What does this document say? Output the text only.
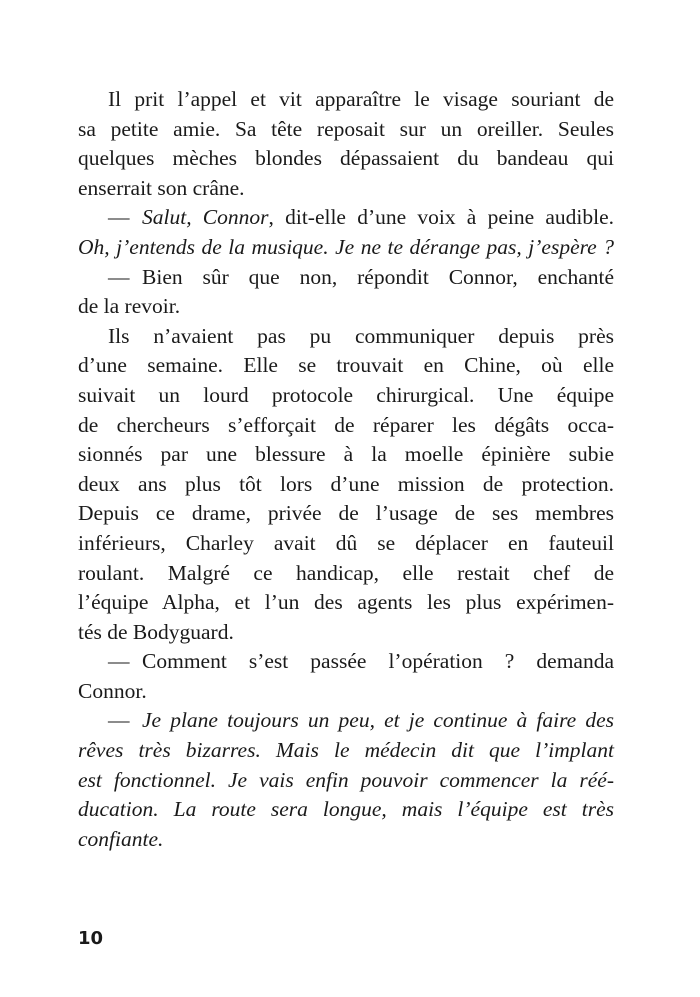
Il prit l’appel et vit apparaître le visage souriant de
sa petite amie. Sa tête reposait sur un oreiller. Seules
quelques mèches blondes dépassaient du bandeau qui
enserrait son crâne.
— Salut, Connor, dit-elle d’une voix à peine audible.
Oh, j’entends de la musique. Je ne te dérange pas, j’espère ?
— Bien sûr que non, répondit Connor, enchanté
de la revoir.
Ils n’avaient pas pu communiquer depuis près
d’une semaine. Elle se trouvait en Chine, où elle
suivait un lourd protocole chirurgical. Une équipe
de chercheurs s’efforçait de réparer les dégâts occa-
sionnés par une blessure à la moelle épinière subie
deux ans plus tôt lors d’une mission de protection.
Depuis ce drame, privée de l’usage de ses membres
inférieurs, Charley avait dû se déplacer en fauteuil
roulant. Malgré ce handicap, elle restait chef de
l’équipe Alpha, et l’un des agents les plus expérimen-
tés de Bodyguard.
— Comment s’est passée l’opération ? demanda
Connor.
— Je plane toujours un peu, et je continue à faire des
rêves très bizarres. Mais le médecin dit que l’implant
est fonctionnel. Je vais enfin pouvoir commencer la réé-
ducation. La route sera longue, mais l’équipe est très
confiante.
10
